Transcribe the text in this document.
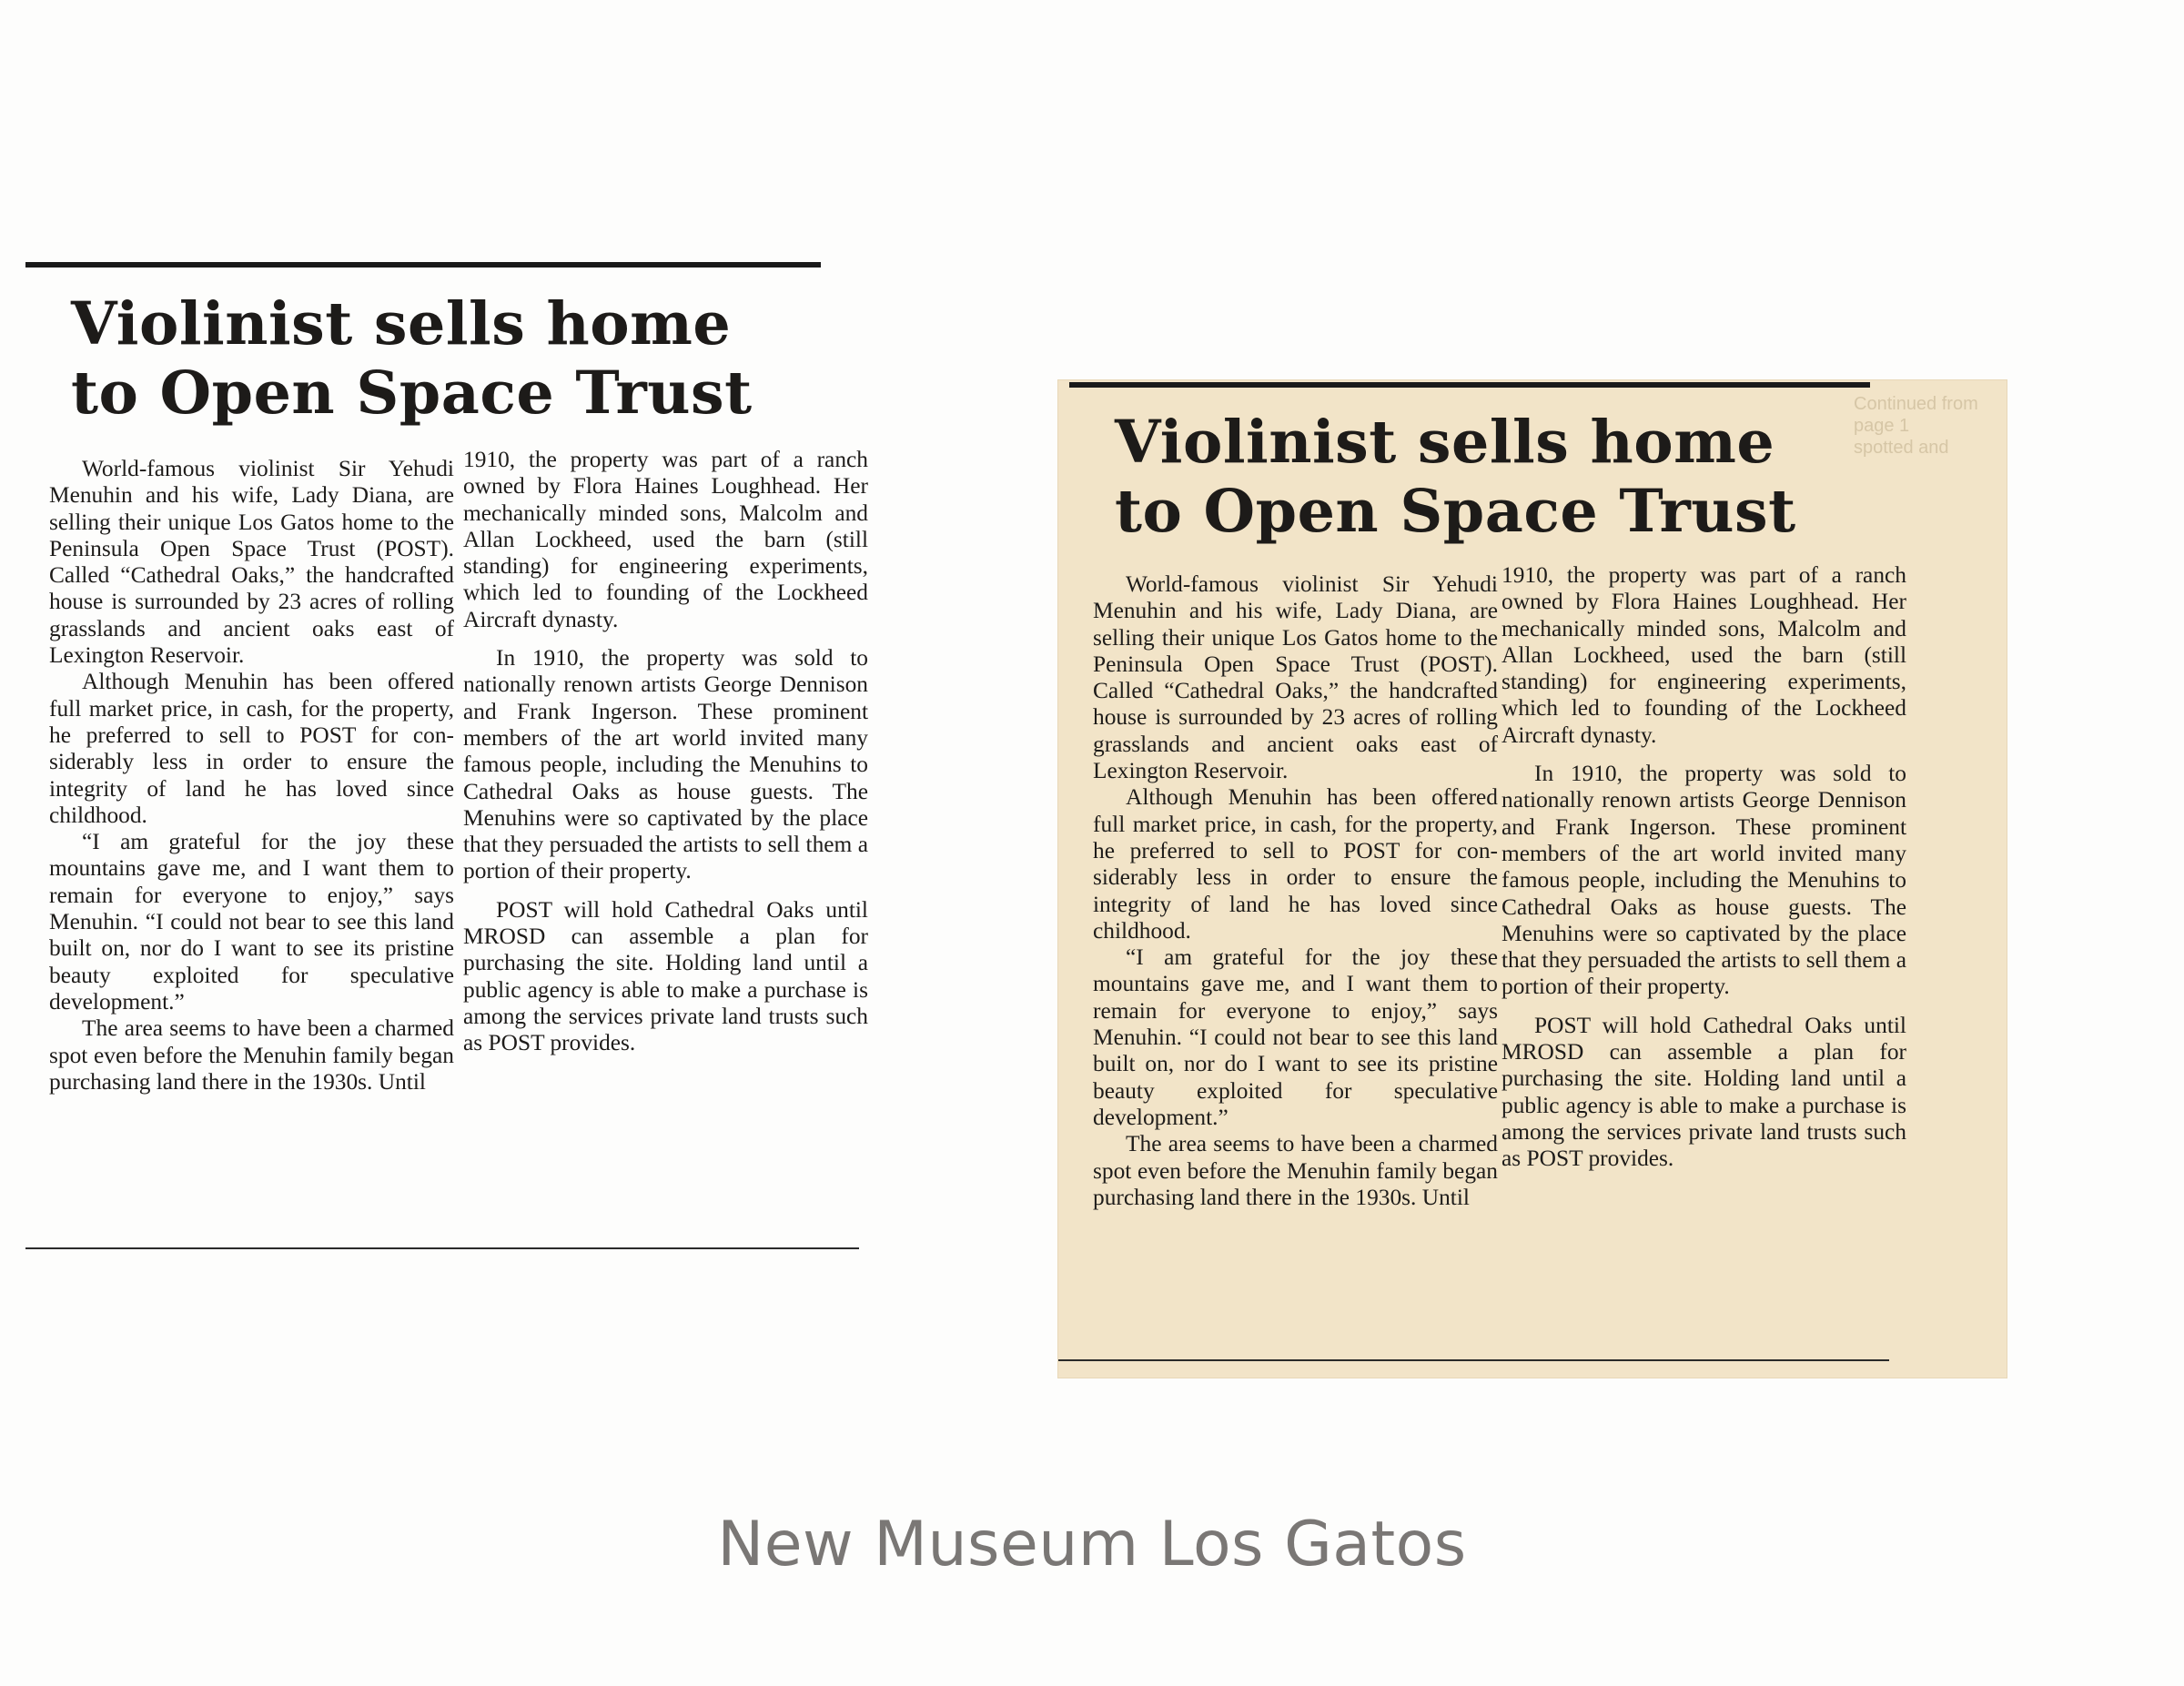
Violinist sells home
to Open Space Trust

World-famous violinist Sir Yehudi Menuhin and his wife, Lady Diana, are selling their unique Los Gatos home to the Peninsula Open Space Trust (POST). Called “Cathedral Oaks,” the handcrafted house is surrounded by 23 acres of rolling grasslands and ancient oaks east of Lexington Reservoir.

Although Menuhin has been offered full market price, in cash, for the property, he preferred to sell to POST for considerably less in order to ensure the integrity of land he has loved since childhood.

“I am grateful for the joy these mountains gave me, and I want them to remain for everyone to enjoy,” says Menuhin. “I could not bear to see this land built on, nor do I want to see its pristine beauty exploited for speculative development.”

The area seems to have been a charmed spot even before the Menuhin family began purchasing land there in the 1930s. Until

1910, the property was part of a ranch owned by Flora Haines Loughhead. Her mechanically minded sons, Malcolm and Allan Lockheed, used the barn (still standing) for engineering experiments, which led to founding of the Lockheed Aircraft dynasty.

In 1910, the property was sold to nationally renown artists George Dennison and Frank Ingerson. These prominent members of the art world invited many famous people, including the Menuhins to Cathedral Oaks as house guests. The Menuhins were so captivated by the place that they persuaded the artists to sell them a portion of their property.

POST will hold Cathedral Oaks until MROSD can assemble a plan for purchasing the site. Holding land until a public agency is able to make a purchase is among the services private land trusts such as POST provides.

Continued from page 1
spotted and
Violinist sells home
to Open Space Trust

World-famous violinist Sir Yehudi Menuhin and his wife, Lady Diana, are selling their unique Los Gatos home to the Peninsula Open Space Trust (POST). Called “Cathedral Oaks,” the handcrafted house is surrounded by 23 acres of rolling grasslands and ancient oaks east of Lexington Reservoir.

Although Menuhin has been offered full market price, in cash, for the property, he preferred to sell to POST for considerably less in order to ensure the integrity of land he has loved since childhood.

“I am grateful for the joy these mountains gave me, and I want them to remain for everyone to enjoy,” says Menuhin. “I could not bear to see this land built on, nor do I want to see its pristine beauty exploited for speculative development.”

The area seems to have been a charmed spot even before the Menuhin family began purchasing land there in the 1930s. Until

1910, the property was part of a ranch owned by Flora Haines Loughhead. Her mechanically minded sons, Malcolm and Allan Lockheed, used the barn (still standing) for engineering experiments, which led to founding of the Lockheed Aircraft dynasty.

In 1910, the property was sold to nationally renown artists George Dennison and Frank Ingerson. These prominent members of the art world invited many famous people, including the Menuhins to Cathedral Oaks as house guests. The Menuhins were so captivated by the place that they persuaded the artists to sell them a portion of their property.

POST will hold Cathedral Oaks until MROSD can assemble a plan for purchasing the site. Holding land until a public agency is able to make a purchase is among the services private land trusts such as POST provides.

New Museum Los Gatos
